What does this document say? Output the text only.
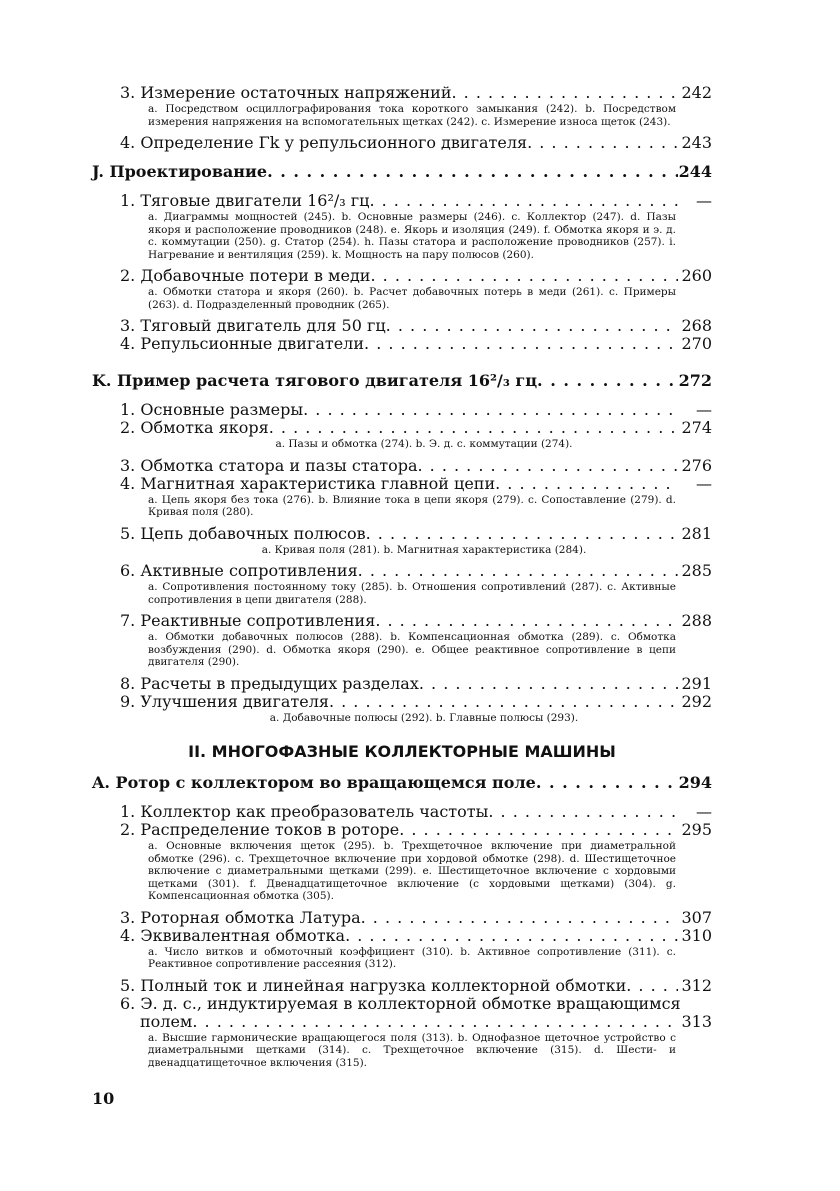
3. Измерение остаточных напряжений . . .	242
a. Посредством осциллографирования тока короткого замыкания (242). b. Посредством измерения напряжения на вспомогательных щетках (242). c. Измерение износа щеток (243).
4. Определение Γk у репульсионного двигателя . . .	243
J. Проектирование . . .	244
1. Тяговые двигатели 16²/₃ гц . . .	—
a. Диаграммы мощностей (245). b. Основные размеры (246). c. Коллектор (247). d. Пазы якоря и расположение проводников (248). e. Якорь и изоляция (249). f. Обмотка якоря и э. д. с. коммутации (250). g. Статор (254). h. Пазы статора и расположение проводников (257). i. Нагревание и вентиляция (259). k. Мощность на пару полюсов (260).
2. Добавочные потери в меди . . .	260
a. Обмотки статора и якоря (260). b. Расчет добавочных потерь в меди (261). c. Примеры (263). d. Подразделенный проводник (265).
3. Тяговый двигатель для 50 гц . . .	268
4. Репульсионные двигатели . . .	270
K. Пример расчета тягового двигателя 16²/₃ гц . . .	272
1. Основные размеры . . .	—
2. Обмотка якоря . . .	274
a. Пазы и обмотка (274). b. Э. д. с. коммутации (274).
3. Обмотка статора и пазы статора . . .	276
4. Магнитная характеристика главной цепи . . .	—
a. Цепь якоря без тока (276). b. Влияние тока в цепи якоря (279). c. Сопоставление (279). d. Кривая поля (280).
5. Цепь добавочных полюсов . . .	281
a. Кривая поля (281). b. Магнитная характеристика (284).
6. Активные сопротивления . . .	285
a. Сопротивления постоянному току (285). b. Отношения сопротивлений (287). c. Активные сопротивления в цепи двигателя (288).
7. Реактивные сопротивления . . .	288
a. Обмотки добавочных полюсов (288). b. Компенсационная обмотка (289). c. Обмотка возбуждения (290). d. Обмотка якоря (290). e. Общее реактивное сопротивление в цепи двигателя (290).
8. Расчеты в предыдущих разделах . . .	291
9. Улучшения двигателя . . .	292
a. Добавочные полюсы (292). b. Главные полюсы (293).
II. МНОГОФАЗНЫЕ КОЛЛЕКТОРНЫЕ МАШИНЫ
A. Ротор с коллектором во вращающемся поле . . .	294
1. Коллектор как преобразователь частоты . . .	—
2. Распределение токов в роторе . . .	295
a. Основные включения щеток (295). b. Трехщеточное включение при диаметральной обмотке (296). c. Трехщеточное включение при хордовой обмотке (298). d. Шестищеточное включение с диаметральными щетками (299). e. Шестищеточное включение с хордовыми щетками (301). f. Двенадцатищеточное включение (с хордовыми щетками) (304). g. Компенсационная обмотка (305).
3. Роторная обмотка Латура . . .	307
4. Эквивалентная обмотка . . .	310
a. Число витков и обмоточный коэффициент (310). b. Активное сопротивление (311). c. Реактивное сопротивление рассеяния (312).
5. Полный ток и линейная нагрузка коллекторной обмотки . . .	312
6. Э. д. с., индуктируемая в коллекторной обмотке вращающимся
полем . . .	313
a. Высшие гармонические вращающегося поля (313). b. Однофазное щеточное устройство с диаметральными щетками (314). c. Трехщеточное включение (315). d. Шести- и двенадцатищеточное включения (315).
10
